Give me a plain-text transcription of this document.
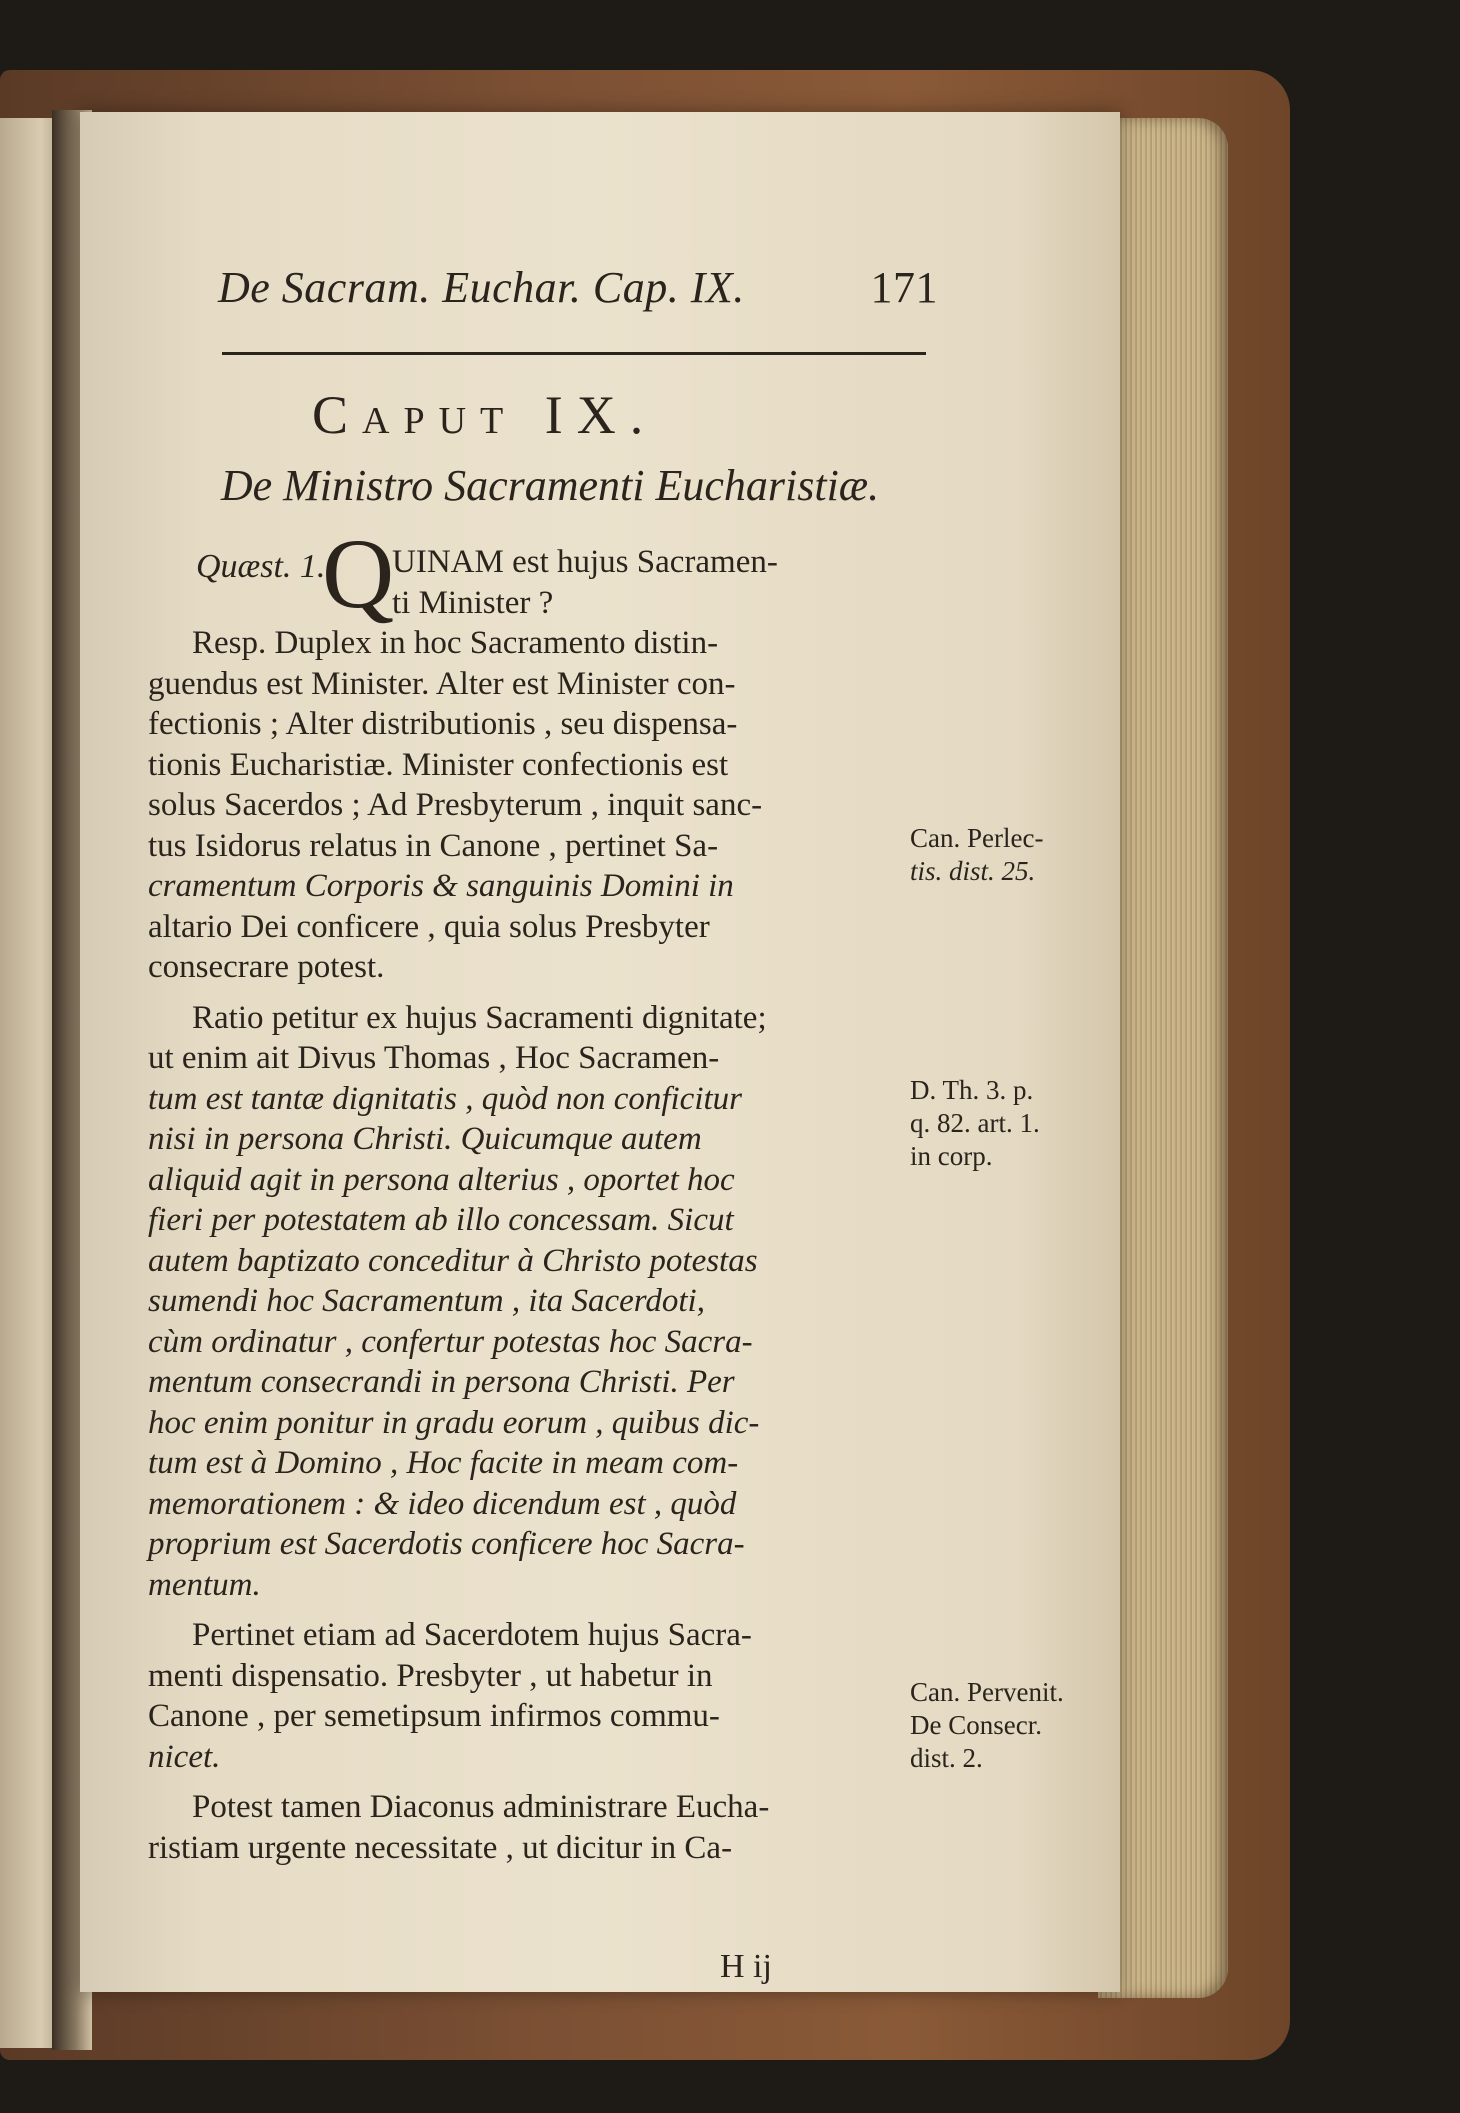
De Sacram. Euchar. Cap. IX.	171
Caput IX.
De Ministro Sacramenti Eucharistiæ.
Quæst. 1.
Q
UINAM est hujus Sacramen-
ti Minister ?
Resp. Duplex in hoc Sacramento distin-
guendus est Minister. Alter est Minister con-
fectionis ; Alter distributionis , seu dispensa-
tionis Eucharistiæ. Minister confectionis est
solus Sacerdos ; Ad Presbyterum , inquit sanc-
tus Isidorus relatus in Canone , pertinet Sa-
cramentum Corporis & sanguinis Domini in
altario Dei conficere , quia solus Presbyter
consecrare potest.
Ratio petitur ex hujus Sacramenti dignitate;
ut enim ait Divus Thomas , Hoc Sacramen-
tum est tantæ dignitatis , quòd non conficitur
nisi in persona Christi. Quicumque autem
aliquid agit in persona alterius , oportet hoc
fieri per potestatem ab illo concessam. Sicut
autem baptizato conceditur à Christo potestas
sumendi hoc Sacramentum , ita Sacerdoti,
cùm ordinatur , confertur potestas hoc Sacra-
mentum consecrandi in persona Christi. Per
hoc enim ponitur in gradu eorum , quibus dic-
tum est à Domino , Hoc facite in meam com-
memorationem : & ideo dicendum est , quòd
proprium est Sacerdotis conficere hoc Sacra-
mentum.
Pertinet etiam ad Sacerdotem hujus Sacra-
menti dispensatio. Presbyter , ut habetur in
Canone , per semetipsum infirmos commu-
nicet.
Potest tamen Diaconus administrare Eucha-
ristiam urgente necessitate , ut dicitur in Ca-
Can. Perlec-
tis. dist. 25.
D. Th. 3. p.
q. 82. art. 1.
in corp.
Can. Pervenit.
De Consecr.
dist. 2.
H ij
